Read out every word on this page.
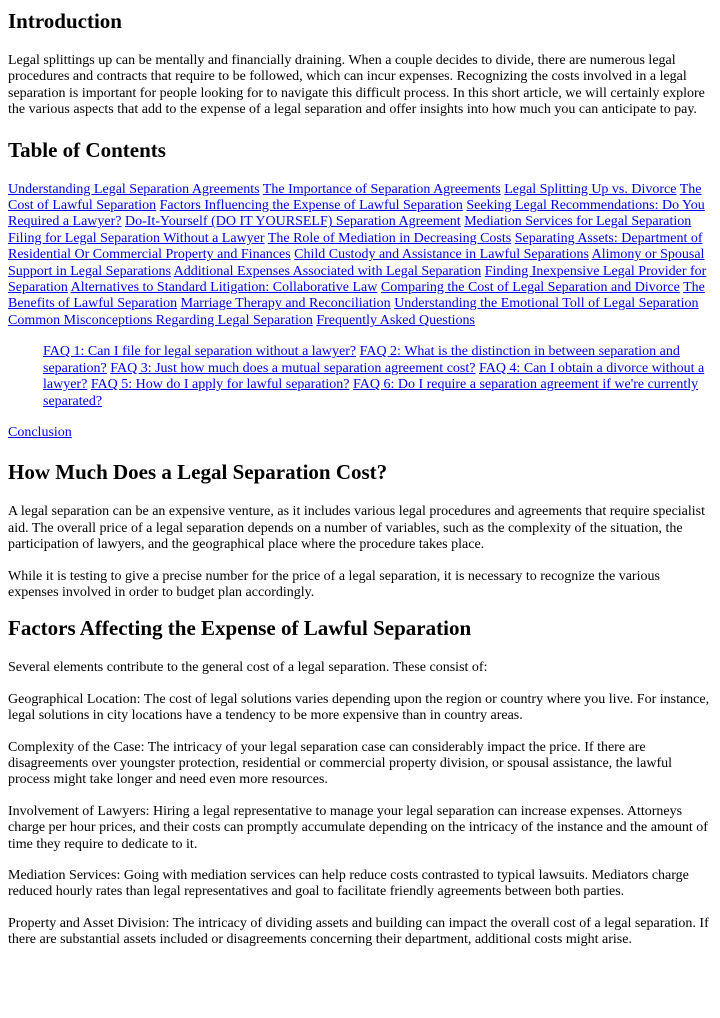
Introduction

Legal splittings up can be mentally and financially draining. When a couple decides to divide, there are numerous legal procedures and contracts that require to be followed, which can incur expenses. Recognizing the costs involved in a legal separation is important for people looking for to navigate this difficult process. In this short article, we will certainly explore the various aspects that add to the expense of a legal separation and offer insights into how much you can anticipate to pay.

Table of Contents
Understanding Legal Separation Agreements The Importance of Separation Agreements Legal Splitting Up vs. Divorce The Cost of Lawful Separation Factors Influencing the Expense of Lawful Separation Seeking Legal Recommendations: Do You Required a Lawyer? Do-It-Yourself (DO IT YOURSELF) Separation Agreement Mediation Services for Legal Separation Filing for Legal Separation Without a Lawyer The Role of Mediation in Decreasing Costs Separating Assets: Department of Residential Or Commercial Property and Finances Child Custody and Assistance in Lawful Separations Alimony or Spousal Support in Legal Separations Additional Expenses Associated with Legal Separation Finding Inexpensive Legal Provider for Separation Alternatives to Standard Litigation: Collaborative Law Comparing the Cost of Legal Separation and Divorce The Benefits of Lawful Separation Marriage Therapy and Reconciliation Understanding the Emotional Toll of Legal Separation Common Misconceptions Regarding Legal Separation Frequently Asked Questions
FAQ 1: Can I file for legal separation without a lawyer? FAQ 2: What is the distinction in between separation and separation? FAQ 3: Just how much does a mutual separation agreement cost? FAQ 4: Can I obtain a divorce without a lawyer? FAQ 5: How do I apply for lawful separation? FAQ 6: Do I require a separation agreement if we're currently separated?
Conclusion
How Much Does a Legal Separation Cost?

A legal separation can be an expensive venture, as it includes various legal procedures and agreements that require specialist aid. The overall price of a legal separation depends on a number of variables, such as the complexity of the situation, the participation of lawyers, and the geographical place where the procedure takes place.

While it is testing to give a precise number for the price of a legal separation, it is necessary to recognize the various expenses involved in order to budget plan accordingly.

Factors Affecting the Expense of Lawful Separation

Several elements contribute to the general cost of a legal separation. These consist of:

Geographical Location: The cost of legal solutions varies depending upon the region or country where you live. For instance, legal solutions in city locations have a tendency to be more expensive than in country areas.

Complexity of the Case: The intricacy of your legal separation case can considerably impact the price. If there are disagreements over youngster protection, residential or commercial property division, or spousal assistance, the lawful process might take longer and need even more resources.

Involvement of Lawyers: Hiring a legal representative to manage your legal separation can increase expenses. Attorneys charge per hour prices, and their costs can promptly accumulate depending on the intricacy of the instance and the amount of time they require to dedicate to it.

Mediation Services: Going with mediation services can help reduce costs contrasted to typical lawsuits. Mediators charge reduced hourly rates than legal representatives and goal to facilitate friendly agreements between both parties.

Property and Asset Division: The intricacy of dividing assets and building can impact the overall cost of a legal separation. If there are substantial assets included or disagreements concerning their department, additional costs might arise.
